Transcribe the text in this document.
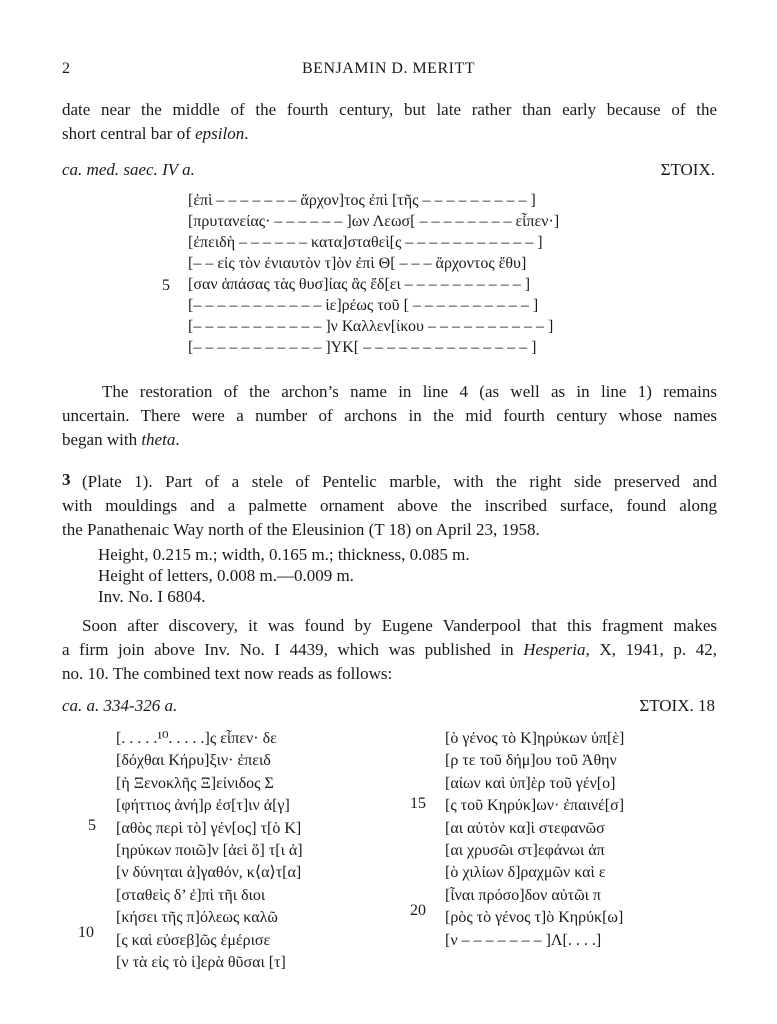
2	BENJAMIN D. MERITT
date near the middle of the fourth century, but late rather than early because of the
short central bar of epsilon.
ca. med. saec. IV a.	ΣΤΟΙΧ.
[ἐπὶ – – – – – – – ἄρχον]τος ἐπὶ [τῆς – – – – – – – – – ]
[πρυτανείας· – – – – – – ]ων Λεωσ[ – – – – – – – – εἶπεν·]
[ἐπειδὴ – – – – – – κατα]σταθεὶ[ς – – – – – – – – – – – ]
[– – εἰς τὸν ἐνιαυτὸν τ]ὸν ἐπὶ Θ[ – – – ἄρχοντος ἔθυ]
[σαν ἁπάσας τὰς θυσ]ίας ἃς ἔδ[ει – – – – – – – – – – ]
[– – – – – – – – – – – ἱε]ρέως τοῦ [ – – – – – – – – – – ]
[– – – – – – – – – – – ]ν Καλλεν[ίκου – – – – – – – – – – ]
[– – – – – – – – – – – ]ΥΚ[ – – – – – – – – – – – – – – ]
5
The restoration of the archon’s name in line 4 (as well as in line 1) remains
uncertain. There were a number of archons in the mid fourth century whose names
began with theta.
3 (Plate 1). Part of a stele of Pentelic marble, with the right side preserved and
with mouldings and a palmette ornament above the inscribed surface, found along
the Panathenaic Way north of the Eleusinion (T 18) on April 23, 1958.
Height, 0.215 m.; width, 0.165 m.; thickness, 0.085 m.
Height of letters, 0.008 m.—0.009 m.
Inv. No. I 6804.
Soon after discovery, it was found by Eugene Vanderpool that this fragment makes
a firm join above Inv. No. I 4439, which was published in Hesperia, X, 1941, p. 42,
no. 10. The combined text now reads as follows:
ca. a. 334-326 a.	ΣΤΟΙΧ. 18
[. . . . .¹⁰. . . . .]ς εἶπεν· δε
[δόχθαι Κήρυ]ξιν· ἐπειδ
[ὴ Ξενοκλῆς Ξ]είνιδος Σ
[φήττιος ἀνή]ρ ἐσ[τ]ιν ἀ[γ]
[αθὸς περὶ τὸ] γέν[ος] τ[ὸ Κ]
[ηρύκων ποιῶ]ν [ἀεὶ ὅ] τ[ι ἀ]
[ν δύνηται ἀ]γαθόν, κ⟨α⟩τ[α]
[σταθεὶς δ’ ἐ]πὶ τῆι διοι
[κήσει τῆς π]όλεως καλῶ
[ς καὶ εὐσεβ]ῶς ἐμέρισε
[ν τὰ εἰς τὸ ἱ]ερὰ θῦσαι [τ]
5
10
[ὸ γένος τὸ Κ]ηρύκων ὑπ[ὲ]
[ρ τε τοῦ δήμ]ου τοῦ Ἀθην
[αίων καὶ ὑπ]ὲρ τοῦ γέν[ο]
[ς τοῦ Κηρύκ]ων· ἐπαινέ[σ]
[αι αὐτὸν κα]ὶ στεφανῶσ
[αι χρυσῶι στ]εφάνωι ἀπ
[ὸ χιλίων δ]ραχμῶν καὶ ε
[ἶναι πρόσο]δον αὐτῶι π
[ρὸς τὸ γένος τ]ὸ Κηρύκ[ω]
[ν – – – – – – – ]Λ[. . . .]
15
20
